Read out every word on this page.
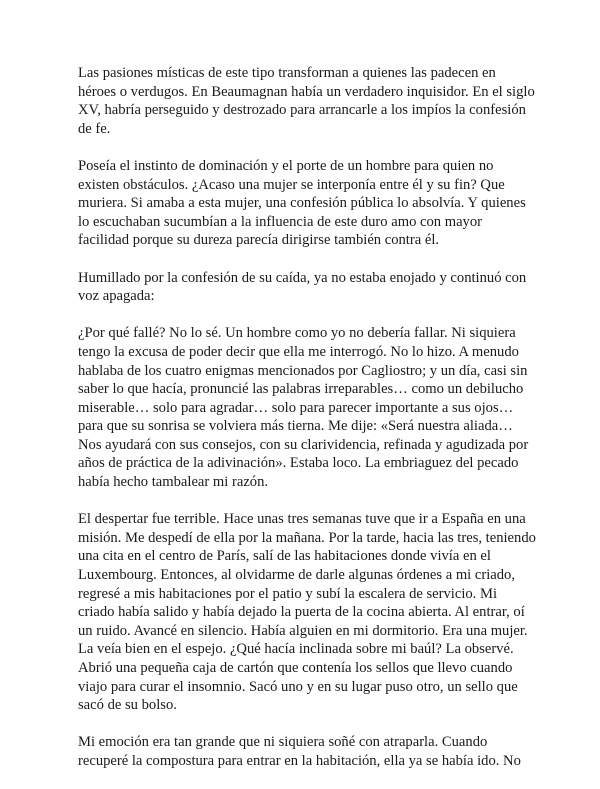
Las pasiones místicas de este tipo transforman a quienes las padecen en héroes o verdugos. En Beaumagnan había un verdadero inquisidor. En el siglo XV, habría perseguido y destrozado para arrancarle a los impíos la confesión de fe.

Poseía el instinto de dominación y el porte de un hombre para quien no existen obstáculos. ¿Acaso una mujer se interponía entre él y su fin? Que muriera. Si amaba a esta mujer, una confesión pública lo absolvía. Y quienes lo escuchaban sucumbían a la influencia de este duro amo con mayor facilidad porque su dureza parecía dirigirse también contra él.

Humillado por la confesión de su caída, ya no estaba enojado y continuó con voz apagada:

¿Por qué fallé? No lo sé. Un hombre como yo no debería fallar. Ni siquiera tengo la excusa de poder decir que ella me interrogó. No lo hizo. A menudo hablaba de los cuatro enigmas mencionados por Cagliostro; y un día, casi sin saber lo que hacía, pronuncié las palabras irreparables… como un debilucho miserable… solo para agradar… solo para parecer importante a sus ojos… para que su sonrisa se volviera más tierna. Me dije: «Será nuestra aliada… Nos ayudará con sus consejos, con su clarividencia, refinada y agudizada por años de práctica de la adivinación». Estaba loco. La embriaguez del pecado había hecho tambalear mi razón.

El despertar fue terrible. Hace unas tres semanas tuve que ir a España en una misión. Me despedí de ella por la mañana. Por la tarde, hacia las tres, teniendo una cita en el centro de París, salí de las habitaciones donde vivía en el Luxembourg. Entonces, al olvidarme de darle algunas órdenes a mi criado, regresé a mis habitaciones por el patio y subí la escalera de servicio. Mi criado había salido y había dejado la puerta de la cocina abierta. Al entrar, oí un ruido. Avancé en silencio. Había alguien en mi dormitorio. Era una mujer. La veía bien en el espejo. ¿Qué hacía inclinada sobre mi baúl? La observé. Abrió una pequeña caja de cartón que contenía los sellos que llevo cuando viajo para curar el insomnio. Sacó uno y en su lugar puso otro, un sello que sacó de su bolso.

Mi emoción era tan grande que ni siquiera soñé con atraparla. Cuando recuperé la compostura para entrar en la habitación, ella ya se había ido. No
